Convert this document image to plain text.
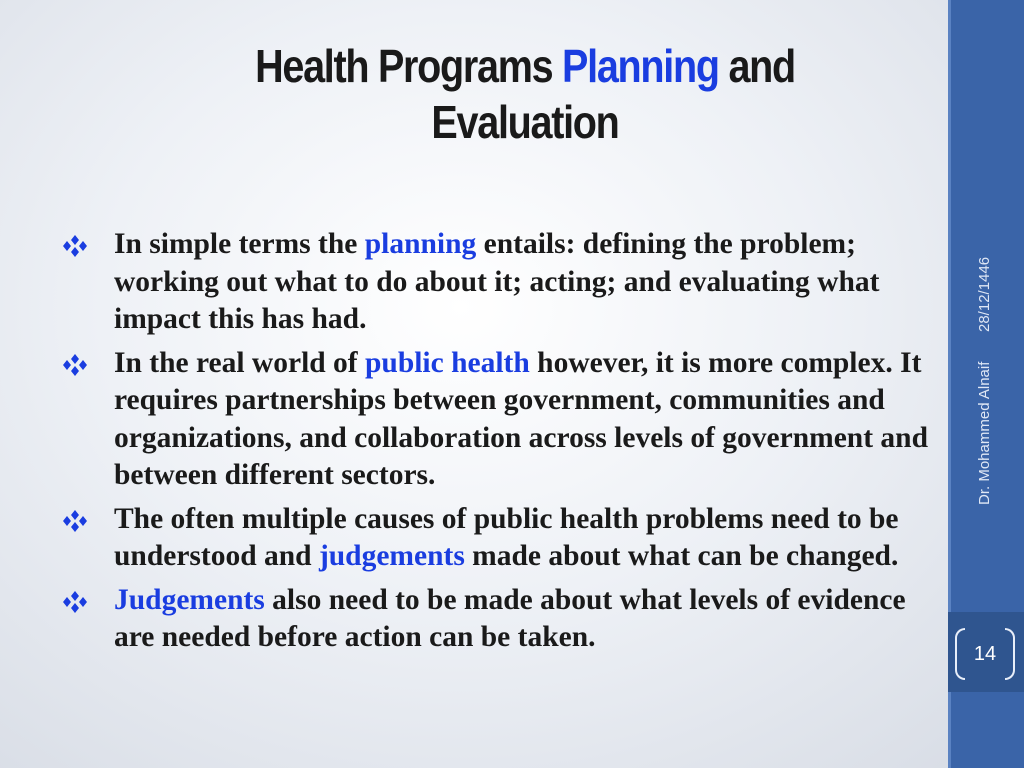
Health Programs Planning and
Evaluation
In simple terms the planning entails: defining the problem; working out what to do about it; acting; and evaluating what impact this has had.
In the real world of public health however, it is more complex. It requires partnerships between government, communities and organizations, and collaboration across levels of government and between different sectors.
The often multiple causes of public health problems need to be understood and judgements made about what can be changed.
Judgements also need to be made about what levels of evidence are needed before action can be taken.
28/12/1446
Dr. Mohammed Alnaif
14
